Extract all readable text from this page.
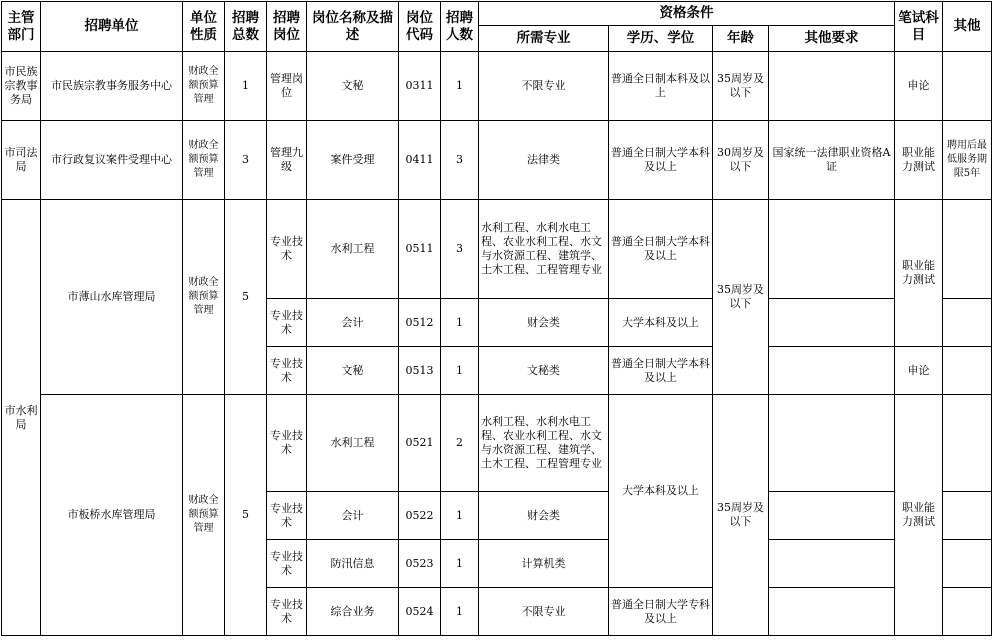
主管部门	招聘单位	单位性质	招聘总数	招聘岗位	岗位名称及描述	岗位代码	招聘人数	资格条件				笔试科目	其他
								所需专业	学历、学位	年龄	其他要求		
市民族宗教事务局	市民族宗教事务服务中心	财政全额预算管理	1	管理岗位	文秘	0311	1	不限专业	普通全日制本科及以上	35周岁及以下		申论	
市司法局	市行政复议案件受理中心	财政全额预算管理	3	管理九级	案件受理	0411	3	法律类	普通全日制大学本科及以上	30周岁及以下	国家统一法律职业资格A证	职业能力测试	聘用后最低服务期限5年
市水利局	市薄山水库管理局	财政全额预算管理	5	专业技术	水利工程	0511	3	水利工程、水利水电工程、农业水利工程、水文与水资源工程、建筑学、土木工程、工程管理专业	普通全日制大学本科及以上	35周岁及以下		职业能力测试	
				专业技术	会计	0512	1	财会类	大学本科及以上				
				专业技术	文秘	0513	1	文秘类	普通全日制大学本科及以上			申论	
	市板桥水库管理局	财政全额预算管理	5	专业技术	水利工程	0521	2	水利工程、水利水电工程、农业水利工程、水文与水资源工程、建筑学、土木工程、工程管理专业	大学本科及以上	35周岁及以下		职业能力测试	
				专业技术	会计	0522	1	财会类					
				专业技术	防汛信息	0523	1	计算机类					
				专业技术	综合业务	0524	1	不限专业	普通全日制大学专科及以上				
